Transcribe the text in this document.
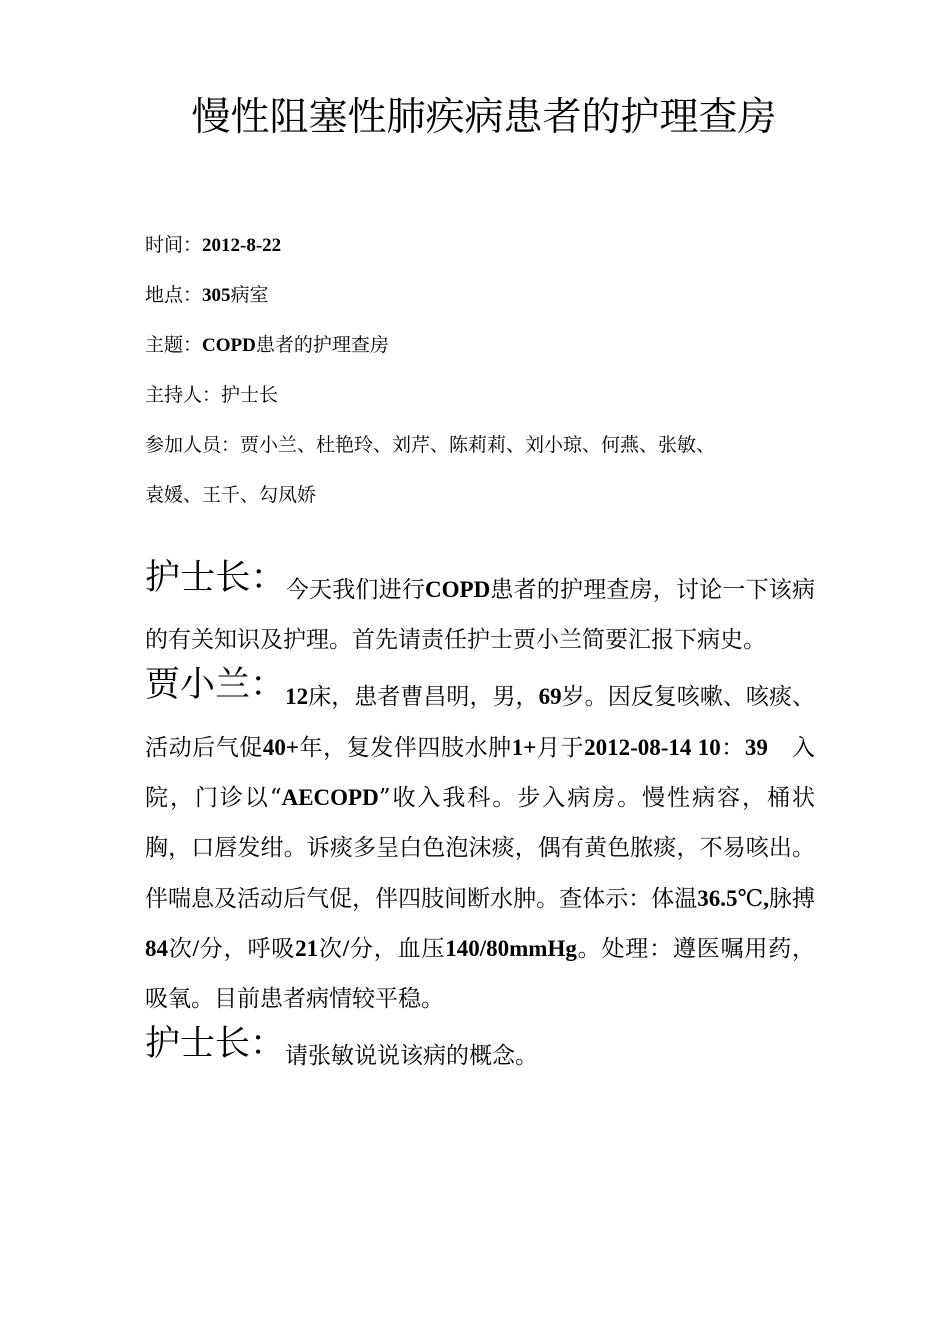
慢性阻塞性肺疾病患者的护理查房
时间：2012-8-22
地点：305病室
主题：COPD患者的护理查房
主持人：护士长
参加人员：贾小兰、杜艳玲、刘芹、陈莉莉、刘小琼、何燕、张敏、
袁媛、王千、勾凤娇

护士长：今天我们进行COPD患者的护理查房，讨论一下该病的有关知识及护理。首先请责任护士贾小兰简要汇报下病史。

贾小兰：12床，患者曹昌明，男，69岁。因反复咳嗽、咳痰、活动后气促40+年，复发伴四肢水肿1+月于2012-08-14 10：39　入院，门诊以“AECOPD”收入我科。步入病房。慢性病容，桶状胸，口唇发绀。诉痰多呈白色泡沫痰，偶有黄色脓痰，不易咳出。伴喘息及活动后气促，伴四肢间断水肿。查体示：体温36.5℃,脉搏84次/分，呼吸21次/分，血压140/80mmHg。处理：遵医嘱用药，吸氧。目前患者病情较平稳。

护士长：请张敏说说该病的概念。
